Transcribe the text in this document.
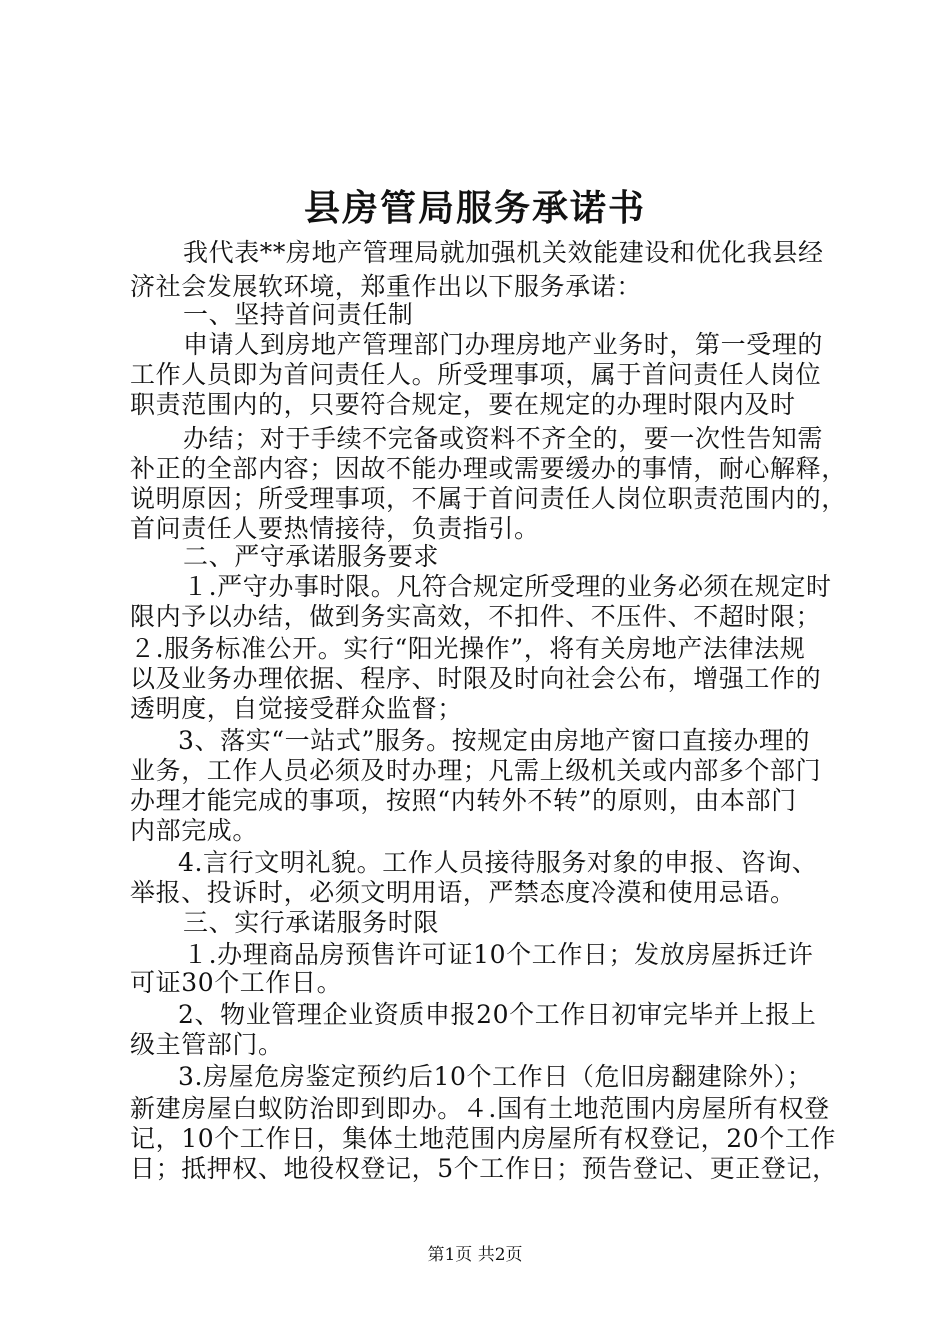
县房管局服务承诺书
我代表**房地产管理局就加强机关效能建设和优化我县经
济社会发展软环境，郑重作出以下服务承诺：
一、坚持首问责任制
申请人到房地产管理部门办理房地产业务时，第一受理的
工作人员即为首问责任人。所受理事项，属于首问责任人岗位
职责范围内的，只要符合规定，要在规定的办理时限内及时
办结；对于手续不完备或资料不齐全的，要一次性告知需
补正的全部内容；因故不能办理或需要缓办的事情，耐心解释，
说明原因；所受理事项，不属于首问责任人岗位职责范围内的，
首问责任人要热情接待，负责指引。
二、严守承诺服务要求
１.严守办事时限。凡符合规定所受理的业务必须在规定时
限内予以办结，做到务实高效，不扣件、不压件、不超时限；
２.服务标准公开。实行“阳光操作”，将有关房地产法律法规
以及业务办理依据、程序、时限及时向社会公布，增强工作的
透明度，自觉接受群众监督；
3、落实“一站式”服务。按规定由房地产窗口直接办理的
业务，工作人员必须及时办理；凡需上级机关或内部多个部门
办理才能完成的事项，按照“内转外不转”的原则，由本部门
内部完成。
4.言行文明礼貌。工作人员接待服务对象的申报、咨询、
举报、投诉时，必须文明用语，严禁态度冷漠和使用忌语。
三、实行承诺服务时限
１.办理商品房预售许可证10个工作日；发放房屋拆迁许
可证30个工作日。
2、物业管理企业资质申报20个工作日初审完毕并上报上
级主管部门。
3.房屋危房鉴定预约后10个工作日（危旧房翻建除外）；
新建房屋白蚁防治即到即办。４.国有土地范围内房屋所有权登
记，10个工作日，集体土地范围内房屋所有权登记，20个工作
日；抵押权、地役权登记，5个工作日；预告登记、更正登记，
第1页 共2页
